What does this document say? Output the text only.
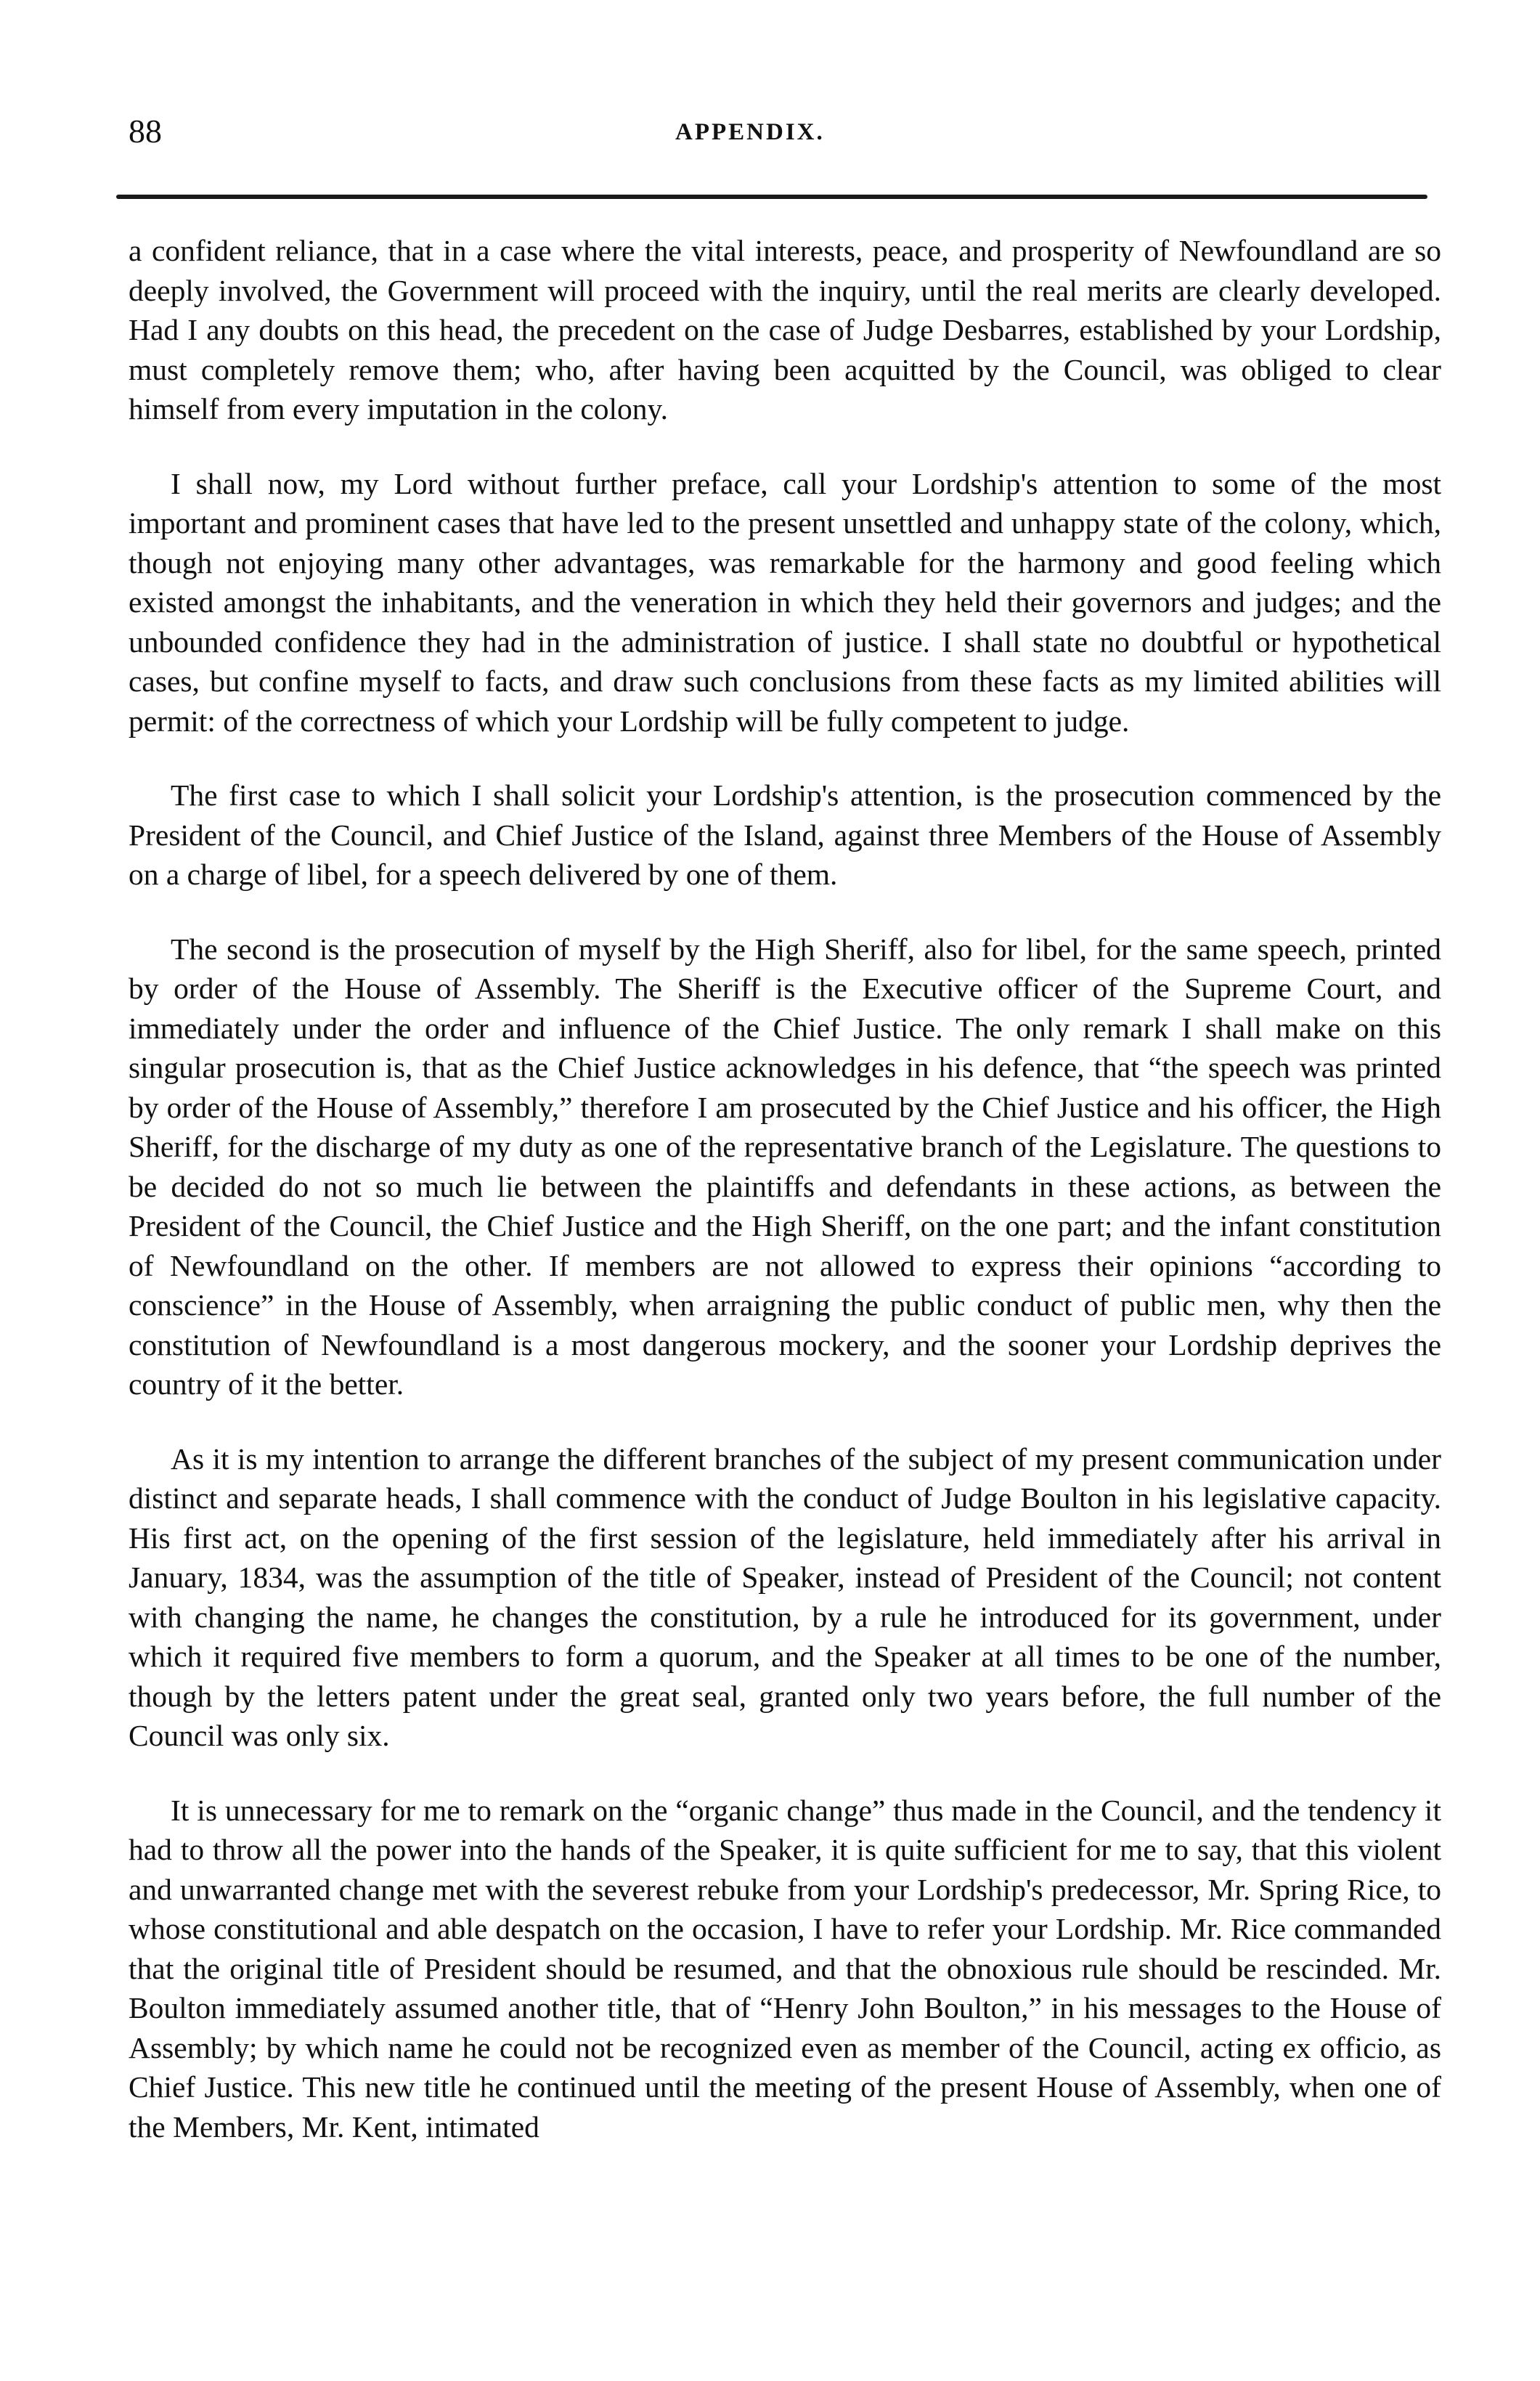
88	APPENDIX.

a confident reliance, that in a case where the vital interests, peace, and prosperity of Newfoundland are so deeply involved, the Government will proceed with the inquiry, until the real merits are clearly developed. Had I any doubts on this head, the precedent on the case of Judge Desbarres, established by your Lordship, must completely remove them; who, after having been acquitted by the Council, was obliged to clear himself from every imputation in the colony.

I shall now, my Lord without further preface, call your Lordship's attention to some of the most important and prominent cases that have led to the present unsettled and unhappy state of the colony, which, though not enjoying many other advantages, was remarkable for the harmony and good feeling which existed amongst the inhabitants, and the veneration in which they held their governors and judges; and the unbounded confidence they had in the administration of justice. I shall state no doubtful or hypothetical cases, but confine myself to facts, and draw such conclusions from these facts as my limited abilities will permit: of the correctness of which your Lordship will be fully competent to judge.

The first case to which I shall solicit your Lordship's attention, is the prosecution commenced by the President of the Council, and Chief Justice of the Island, against three Members of the House of Assembly on a charge of libel, for a speech delivered by one of them.

The second is the prosecution of myself by the High Sheriff, also for libel, for the same speech, printed by order of the House of Assembly. The Sheriff is the Executive officer of the Supreme Court, and immediately under the order and influence of the Chief Justice. The only remark I shall make on this singular prosecution is, that as the Chief Justice acknowledges in his defence, that “the speech was printed by order of the House of Assembly,” therefore I am prosecuted by the Chief Justice and his officer, the High Sheriff, for the discharge of my duty as one of the representative branch of the Legislature. The questions to be decided do not so much lie between the plaintiffs and defendants in these actions, as between the President of the Council, the Chief Justice and the High Sheriff, on the one part; and the infant constitution of Newfoundland on the other. If members are not allowed to express their opinions “according to conscience” in the House of Assembly, when arraigning the public conduct of public men, why then the constitution of Newfoundland is a most dangerous mockery, and the sooner your Lordship deprives the country of it the better.

As it is my intention to arrange the different branches of the subject of my present communication under distinct and separate heads, I shall commence with the conduct of Judge Boulton in his legislative capacity. His first act, on the opening of the first session of the legislature, held immediately after his arrival in January, 1834, was the assumption of the title of Speaker, instead of President of the Council; not content with changing the name, he changes the constitution, by a rule he introduced for its government, under which it required five members to form a quorum, and the Speaker at all times to be one of the number, though by the letters patent under the great seal, granted only two years before, the full number of the Council was only six.

It is unnecessary for me to remark on the “organic change” thus made in the Council, and the tendency it had to throw all the power into the hands of the Speaker, it is quite sufficient for me to say, that this violent and unwarranted change met with the severest rebuke from your Lordship's predecessor, Mr. Spring Rice, to whose constitutional and able despatch on the occasion, I have to refer your Lordship. Mr. Rice commanded that the original title of President should be resumed, and that the obnoxious rule should be rescinded. Mr. Boulton immediately assumed another title, that of “Henry John Boulton,” in his messages to the House of Assembly; by which name he could not be recognized even as member of the Council, acting ex officio, as Chief Justice. This new title he continued until the meeting of the present House of Assembly, when one of the Members, Mr. Kent, intimated
